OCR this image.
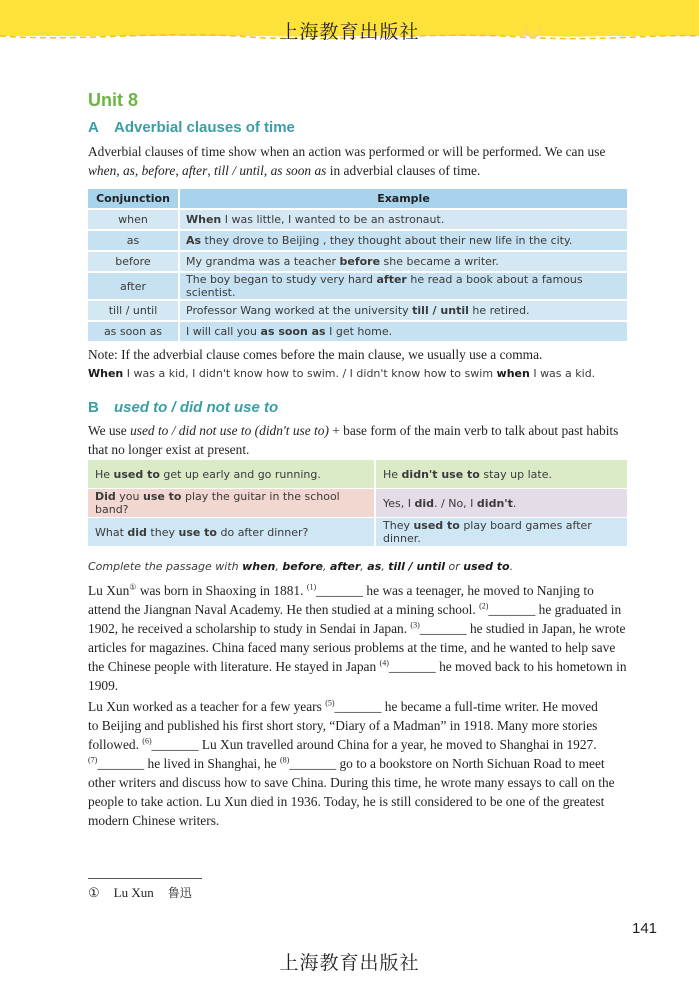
上海教育出版社
Unit 8
A Adverbial clauses of time

Adverbial clauses of time show when an action was performed or will be performed. We can use

when, as, before, after, till / until, as soon as in adverbial clauses of time.

Conjunction	Example
when	When I was little, I wanted to be an astronaut.
as	As they drove to Beijing , they thought about their new life in the city.
before	My grandma was a teacher before she became a writer.
after	The boy began to study very hard after he read a book about a famous scientist.
till / until	Professor Wang worked at the university till / until he retired.
as soon as	I will call you as soon as I get home.

Note: If the adverbial clause comes before the main clause, we usually use a comma.

When I was a kid, I didn't know how to swim. / I didn't know how to swim when I was a kid.

B used to / did not use to

We use used to / did not use to (didn't use to) + base form of the main verb to talk about past habits

that no longer exist at present.

He used to get up early and go running.	He didn't use to stay up late.
Did you use to play the guitar in the school band?	Yes, I did. / No, I didn't.
What did they use to do after dinner?	They used to play board games after dinner.
Complete the passage with when, before, after, as, till / until or used to.

Lu Xun① was born in Shaoxing in 1881. $^{(1)}$_______ he was a teenager, he moved to Nanjing to

attend the Jiangnan Naval Academy. He then studied at a mining school. $^{(2)}$_______ he graduated in

1902, he received a scholarship to study in Sendai in Japan. $^{(3)}$_______ he studied in Japan, he wrote

articles for magazines. China faced many serious problems at the time, and he wanted to help save

the Chinese people with literature. He stayed in Japan $^{(4)}$_______ he moved back to his hometown in

1909.

Lu Xun worked as a teacher for a few years $^{(5)}$_______ he became a full-time writer. He moved

to Beijing and published his first short story, “Diary of a Madman” in 1918. Many more stories

followed. $^{(6)}$_______ Lu Xun travelled around China for a year, he moved to Shanghai in 1927.

$^{(7)}$_______ he lived in Shanghai, he $^{(8)}$_______ go to a bookstore on North Sichuan Road to meet

other writers and discuss how to save China. During this time, he wrote many essays to call on the

people to take action. Lu Xun died in 1936. Today, he is still considered to be one of the greatest

modern Chinese writers.

① Lu Xun 鲁迅
141
上海教育出版社
